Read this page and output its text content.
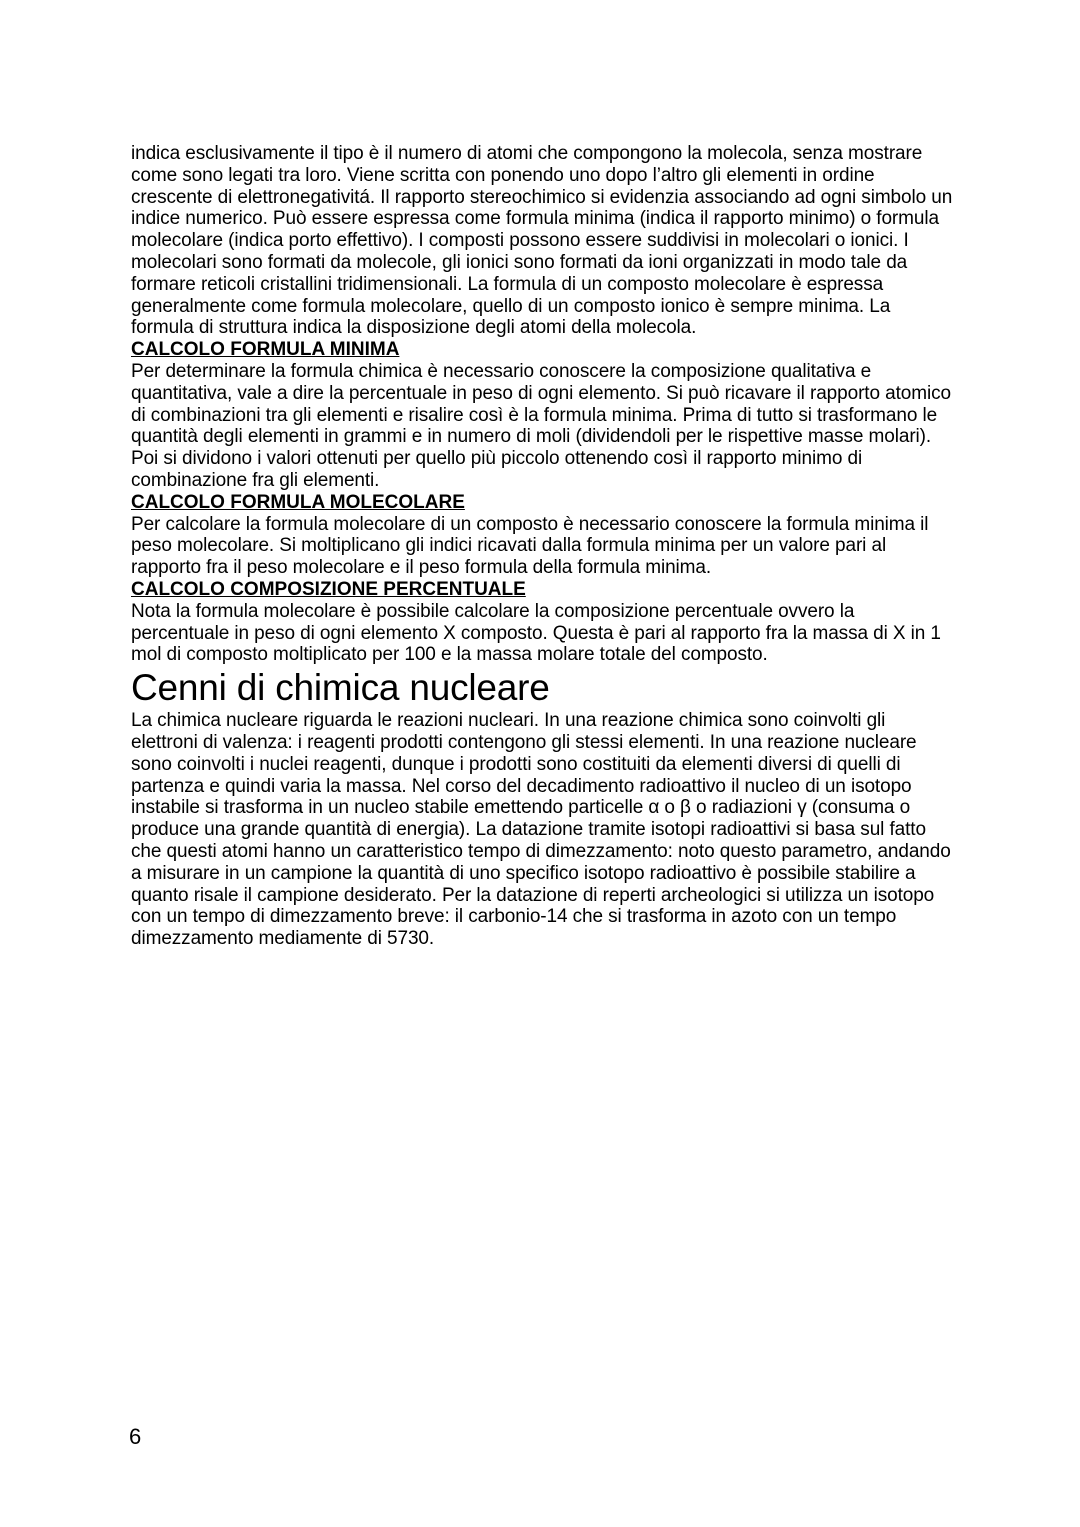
indica esclusivamente il tipo è il numero di atomi che compongono la molecola, senza mostrare come sono legati tra loro. Viene scritta con ponendo uno dopo l’altro gli elementi in ordine crescente di elettronegativitá. Il rapporto stereochimico si evidenzia associando ad ogni simbolo un indice numerico. Può essere espressa come formula minima (indica il rapporto minimo) o formula molecolare (indica porto effettivo). I composti possono essere suddivisi in molecolari o ionici. I molecolari sono formati da molecole, gli ionici sono formati da ioni organizzati in modo tale da formare reticoli cristallini tridimensionali. La formula di un composto molecolare è espressa generalmente come formula molecolare, quello di un composto ionico è sempre minima. La formula di struttura indica la disposizione degli atomi della molecola.

CALCOLO FORMULA MINIMA

Per determinare la formula chimica è necessario conoscere la composizione qualitativa e quantitativa, vale a dire la percentuale in peso di ogni elemento. Si può ricavare il rapporto atomico di combinazioni tra gli elementi e risalire così è la formula minima. Prima di tutto si trasformano le quantità degli elementi in grammi e in numero di moli (dividendoli per le rispettive masse molari). Poi si dividono i valori ottenuti per quello più piccolo ottenendo così il rapporto minimo di combinazione fra gli elementi.

CALCOLO FORMULA MOLECOLARE

Per calcolare la formula molecolare di un composto è necessario conoscere la formula minima il peso molecolare. Si moltiplicano gli indici ricavati dalla formula minima per un valore pari al rapporto fra il peso molecolare e il peso formula della formula minima.

CALCOLO COMPOSIZIONE PERCENTUALE

Nota la formula molecolare è possibile calcolare la composizione percentuale ovvero la percentuale in peso di ogni elemento X composto. Questa è pari al rapporto fra la massa di X in 1 mol di composto moltiplicato per 100 e la massa molare totale del composto.

Cenni di chimica nucleare

La chimica nucleare riguarda le reazioni nucleari. In una reazione chimica sono coinvolti gli elettroni di valenza: i reagenti prodotti contengono gli stessi elementi. In una reazione nucleare sono coinvolti i nuclei reagenti, dunque i prodotti sono costituiti da elementi diversi di quelli di partenza e quindi varia la massa. Nel corso del decadimento radioattivo il nucleo di un isotopo instabile si trasforma in un nucleo stabile emettendo particelle α o β o radiazioni γ (consuma o produce una grande quantità di energia). La datazione tramite isotopi radioattivi si basa sul fatto che questi atomi hanno un caratteristico tempo di dimezzamento: noto questo parametro, andando a misurare in un campione la quantità di uno specifico isotopo radioattivo è possibile stabilire a quanto risale il campione desiderato. Per la datazione di reperti archeologici si utilizza un isotopo con un tempo di dimezzamento breve: il carbonio-14 che si trasforma in azoto con un tempo dimezzamento mediamente di 5730.

6
